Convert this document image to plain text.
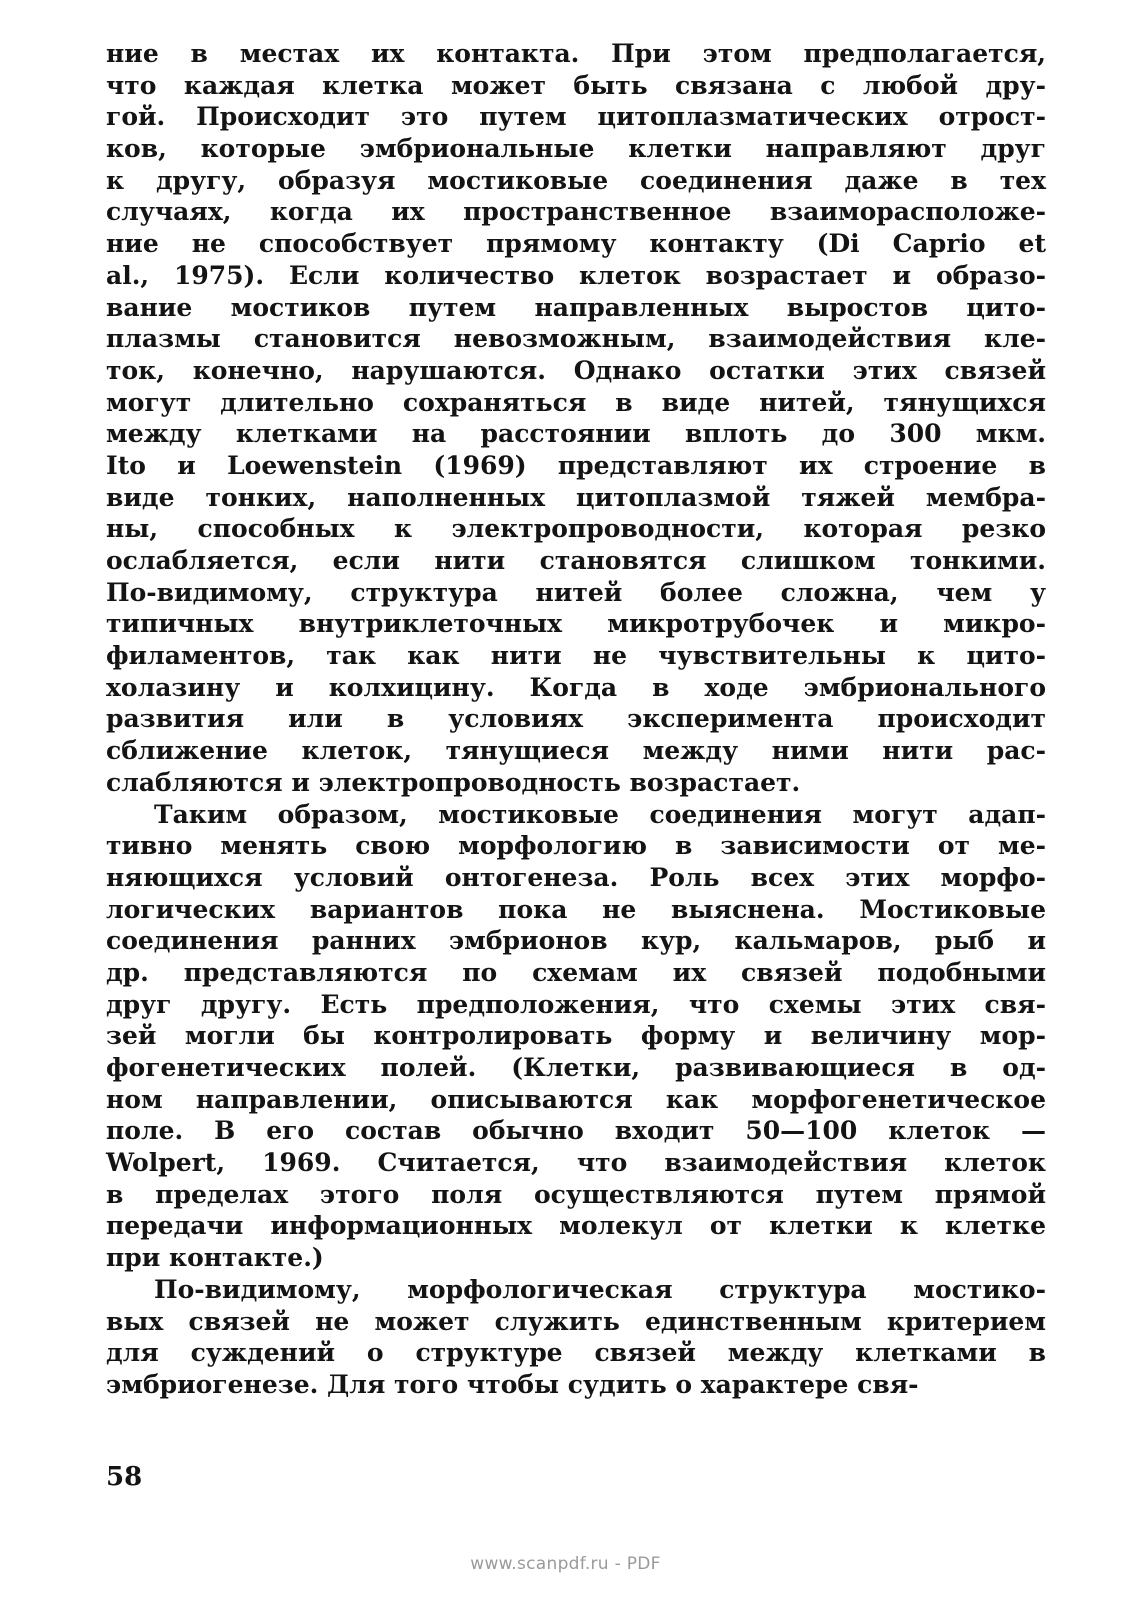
ние в местах их контакта. При этом предполагается,
что каждая клетка может быть связана с любой дру-
гой. Происходит это путем цитоплазматических отрост-
ков, которые эмбриональные клетки направляют друг
к другу, образуя мостиковые соединения даже в тех
случаях, когда их пространственное взаиморасположе-
ние не способствует прямому контакту (Di Caprio et
al., 1975). Если количество клеток возрастает и образо-
вание мостиков путем направленных выростов цито-
плазмы становится невозможным, взаимодействия кле-
ток, конечно, нарушаются. Однако остатки этих связей
могут длительно сохраняться в виде нитей, тянущихся
между клетками на расстоянии вплоть до 300 мкм.
Ito и Loewenstein (1969) представляют их строение в
виде тонких, наполненных цитоплазмой тяжей мембра-
ны, способных к электропроводности, которая резко
ослабляется, если нити становятся слишком тонкими.
По-видимому, структура нитей более сложна, чем у
типичных внутриклеточных микротрубочек и микро-
филаментов, так как нити не чувствительны к цито-
холазину и колхицину. Когда в ходе эмбрионального
развития или в условиях эксперимента происходит
сближение клеток, тянущиеся между ними нити рас-
слабляются и электропроводность возрастает.
Таким образом, мостиковые соединения могут адап-
тивно менять свою морфологию в зависимости от ме-
няющихся условий онтогенеза. Роль всех этих морфо-
логических вариантов пока не выяснена. Мостиковые
соединения ранних эмбрионов кур, кальмаров, рыб и
др. представляются по схемам их связей подобными
друг другу. Есть предположения, что схемы этих свя-
зей могли бы контролировать форму и величину мор-
фогенетических полей. (Клетки, развивающиеся в од-
ном направлении, описываются как морфогенетическое
поле. В его состав обычно входит 50—100 клеток —
Wolpert, 1969. Считается, что взаимодействия клеток
в пределах этого поля осуществляются путем прямой
передачи информационных молекул от клетки к клетке
при контакте.)
По-видимому, морфологическая структура мостико-
вых связей не может служить единственным критерием
для суждений о структуре связей между клетками в
эмбриогенезе. Для того чтобы судить о характере свя-
58
www.scanpdf.ru - PDF
